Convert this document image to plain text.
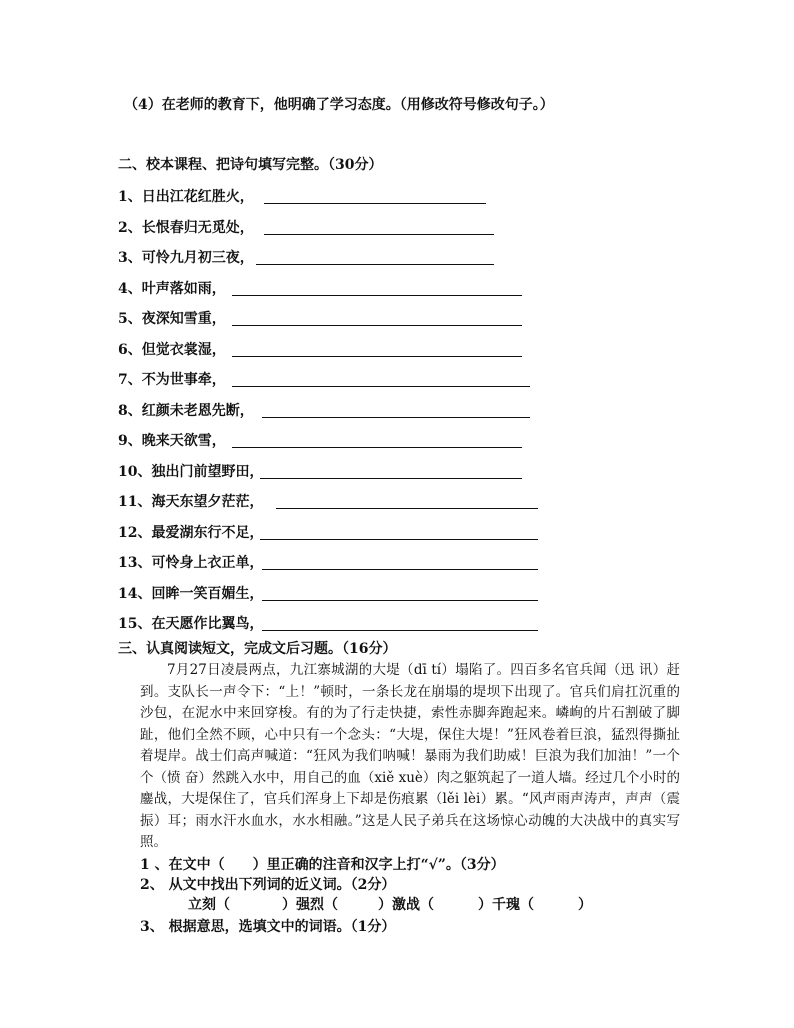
（4）在老师的教育下，他明确了学习态度。（用修改符号修改句子。）
二、校本课程、把诗句填写完整。（30分）
1、日出江花红胜火，
2、长恨春归无觅处，
3、可怜九月初三夜，
4、叶声落如雨，
5、夜深知雪重，
6、但觉衣裳湿，
7、不为世事牵，
8、红颜未老恩先断，
9、晚来天欲雪，
10、独出门前望野田，
11、海天东望夕茫茫，
12、最爱湖东行不足，
13、可怜身上衣正单，
14、回眸一笑百媚生，
15、在天愿作比翼鸟，
三、认真阅读短文，完成文后习题。（16分）

7月27日凌晨两点，九江寨城湖的大堤（dī tí）塌陷了。四百多名官兵闻（迅 讯）赶到。支队长一声令下：“上！”顿时，一条长龙在崩塌的堤坝下出现了。官兵们肩扛沉重的沙包，在泥水中来回穿梭。有的为了行走快捷，索性赤脚奔跑起来。嶙峋的片石割破了脚趾，他们全然不顾，心中只有一个念头：“大堤，保住大堤！”狂风卷着巨浪，猛烈得撕扯着堤岸。战士们高声喊道：“狂风为我们呐喊！暴雨为我们助威！巨浪为我们加油！”一个个（愤 奋）然跳入水中，用自己的血（xiě xuè）肉之躯筑起了一道人墙。经过几个小时的鏖战，大堤保住了，官兵们浑身上下却是伤痕累（lěi lèi）累。“风声雨声涛声，声声（震 振）耳；雨水汗水血水，水水相融。”这是人民子弟兵在这场惊心动魄的大决战中的真实写照。

1 、在文中（　　）里正确的注音和汉字上打“√”。（3分）
2、 从文中找出下列词的近义词。（2分）
立刻（	）强烈（	）激战（	）千瑰（	）
3、 根据意思，选填文中的词语。（1分）
